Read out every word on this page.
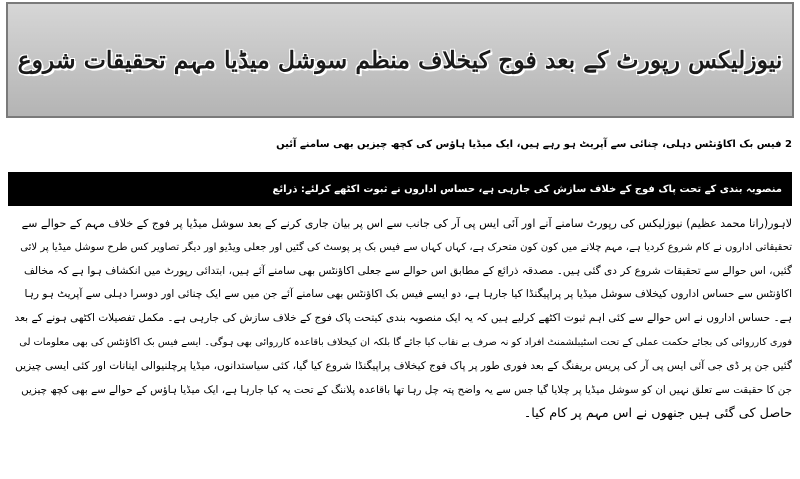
نیوزلیکس رپورٹ کے بعد فوج کیخلاف منظم سوشل میڈیا مہم تحقیقات شروع
2 فیس بک اکاؤنٹس دہلی، چنائی سے آپریٹ ہو رہے ہیں، ایک میڈیا ہاؤس کی کچھ چیزیں بھی سامنے آئیں
منصوبہ بندی کے تحت پاک فوج کے خلاف سازش کی جارہی ہے، حساس اداروں نے ثبوت اکٹھے کرلئے: ذرائع
لاہور(رانا محمد عظیم) نیوزلیکس کی رپورٹ سامنے آنے اور آئی ایس پی آر کی جانب سے اس پر بیان جاری کرنے کے بعد سوشل میڈیا پر فوج کے خلاف مہم کے حوالے سے
تحقیقاتی اداروں نے کام شروع کردیا ہے، مہم چلانے میں کون کون متحرک ہے، کہاں کہاں سے فیس بک پر پوسٹ کی گئیں اور جعلی ویڈیو اور دیگر تصاویر کس طرح سوشل میڈیا پر لائی
گئیں، اس حوالے سے تحقیقات شروع کر دی گئی ہیں۔ مصدقہ ذرائع کے مطابق اس حوالے سے جعلی اکاؤنٹس بھی سامنے آئے ہیں، ابتدائی رپورٹ میں انکشاف ہوا ہے کہ مخالف
اکاؤنٹس سے حساس اداروں کیخلاف سوشل میڈیا پر پراپیگنڈا کیا جارہا ہے، دو ایسے فیس بک اکاؤنٹس بھی سامنے آئے جن میں سے ایک چنائی اور دوسرا دہلی سے آپریٹ ہو رہا
ہے۔ حساس اداروں نے اس حوالے سے کئی اہم ثبوت اکٹھے کرلیے ہیں کہ یہ ایک منصوبہ بندی کیتحت پاک فوج کے خلاف سازش کی جارہی ہے۔ مکمل تفصیلات اکٹھی ہونے کے بعد
فوری کارروائی کی بجائے حکمت عملی کے تحت اسٹیبلشمنٹ افراد کو نہ صرف بے نقاب کیا جائے گا بلکہ ان کیخلاف باقاعدہ کارروائی بھی ہوگی۔ ایسے فیس بک اکاؤنٹس کی بھی معلومات لی
گئیں جن پر ڈی جی آئی ایس پی آر کی پریس بریفنگ کے بعد فوری طور پر پاک فوج کیخلاف پراپیگنڈا شروع کیا گیا، کئی سیاستدانوں، میڈیا پرچلنیوالی اینانات اور کئی ایسی چیزیں
جن کا حقیقت سے تعلق نہیں ان کو سوشل میڈیا پر چلایا گیا جس سے یہ واضح پتہ چل رہا تھا باقاعدہ پلاننگ کے تحت یہ کیا جارہا ہے، ایک میڈیا ہاؤس کے حوالے سے بھی کچھ چیزیں
حاصل کی گئی ہیں جنھوں نے اس مہم پر کام کیا۔
